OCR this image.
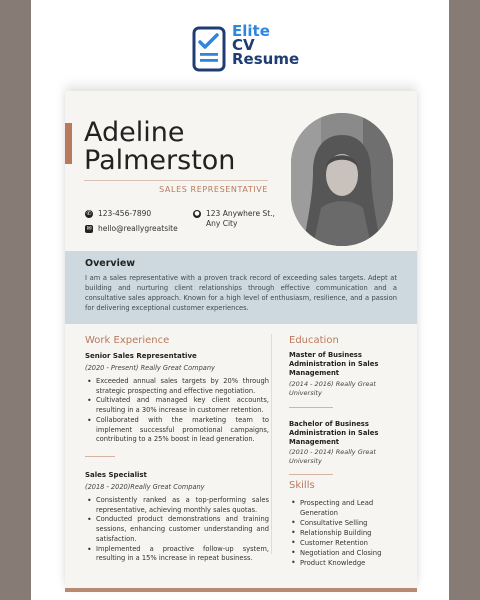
Elite
CV
Resume
Adeline
Palmerston
SALES REPRESENTATIVE
✆ 123-456-7890	● 123 Anywhere St.,
Any City
✉ hello@reallygreatsite
Overview

I am a sales representative with a proven track record of exceeding sales targets. Adept at building and nurturing client relationships through effective communication and a consultative sales approach. Known for a high level of enthusiasm, resilience, and a passion for delivering exceptional customer experiences.

Work Experience
Senior Sales Representative
(2020 - Present) Really Great Company
• Exceeded annual sales targets by 20% through strategic prospecting and effective negotiation.
• Cultivated and managed key client accounts, resulting in a 30% increase in customer retention.
• Collaborated with the marketing team to implement successful promotional campaigns, contributing to a 25% boost in lead generation.
Sales Specialist
(2018 - 2020)Really Great Company
• Consistently ranked as a top-performing sales representative, achieving monthly sales quotas.
• Conducted product demonstrations and training sessions, enhancing customer understanding and satisfaction.
• Implemented a proactive follow-up system, resulting in a 15% increase in repeat business.
Education
Master of Business Administration in Sales Management
(2014 - 2016) Really Great University
Bachelor of Business Administration in Sales Management
(2010 - 2014) Really Great University
Skills
• Prospecting and Lead Generation
• Consultative Selling
• Relationship Building
• Customer Retention
• Negotiation and Closing
• Product Knowledge
